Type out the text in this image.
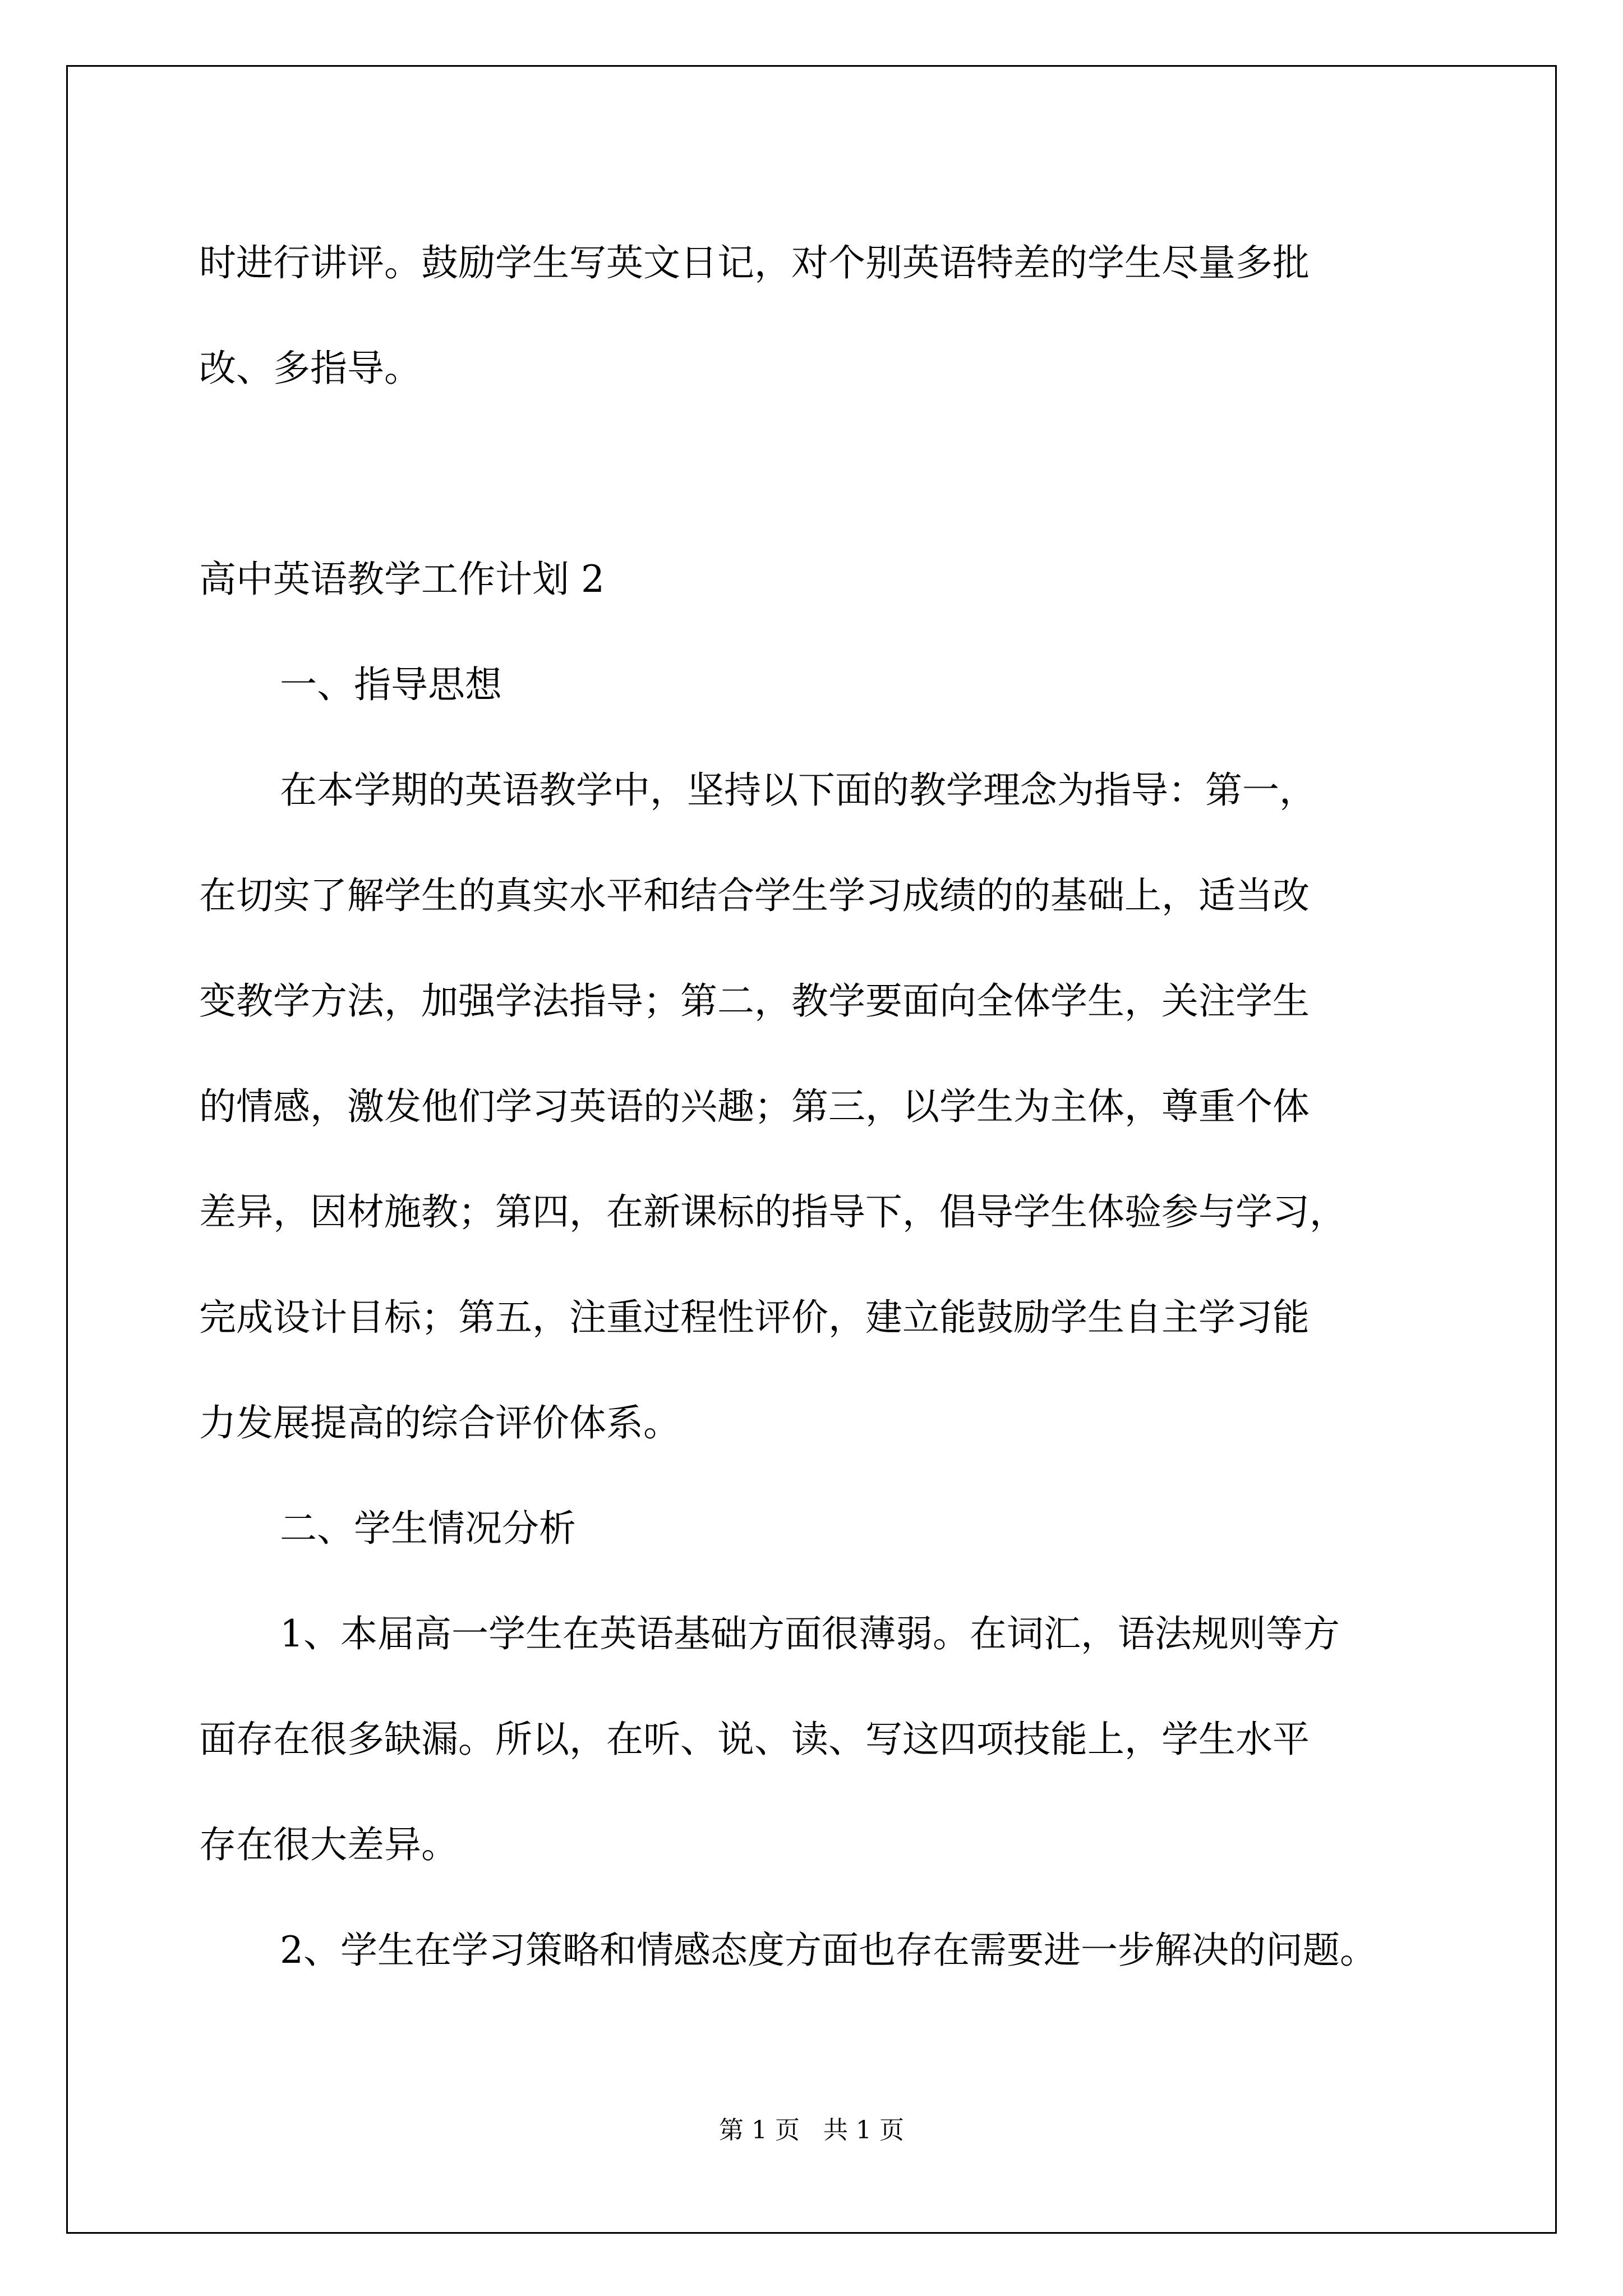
时进行讲评。鼓励学生写英文日记，对个别英语特差的学生尽量多批
改、多指导。

高中英语教学工作计划 2

一、指导思想

在本学期的英语教学中，坚持以下面的教学理念为指导：第一，
在切实了解学生的真实水平和结合学生学习成绩的的基础上，适当改
变教学方法，加强学法指导；第二，教学要面向全体学生，关注学生
的情感，激发他们学习英语的兴趣；第三，以学生为主体，尊重个体
差异，因材施教；第四，在新课标的指导下，倡导学生体验参与学习，
完成设计目标；第五，注重过程性评价，建立能鼓励学生自主学习能
力发展提高的综合评价体系。

二、学生情况分析

1、本届高一学生在英语基础方面很薄弱。在词汇，语法规则等方
面存在很多缺漏。所以，在听、说、读、写这四项技能上，学生水平
存在很大差异。

2、学生在学习策略和情感态度方面也存在需要进一步解决的问题。

第 1 页 共 1 页
